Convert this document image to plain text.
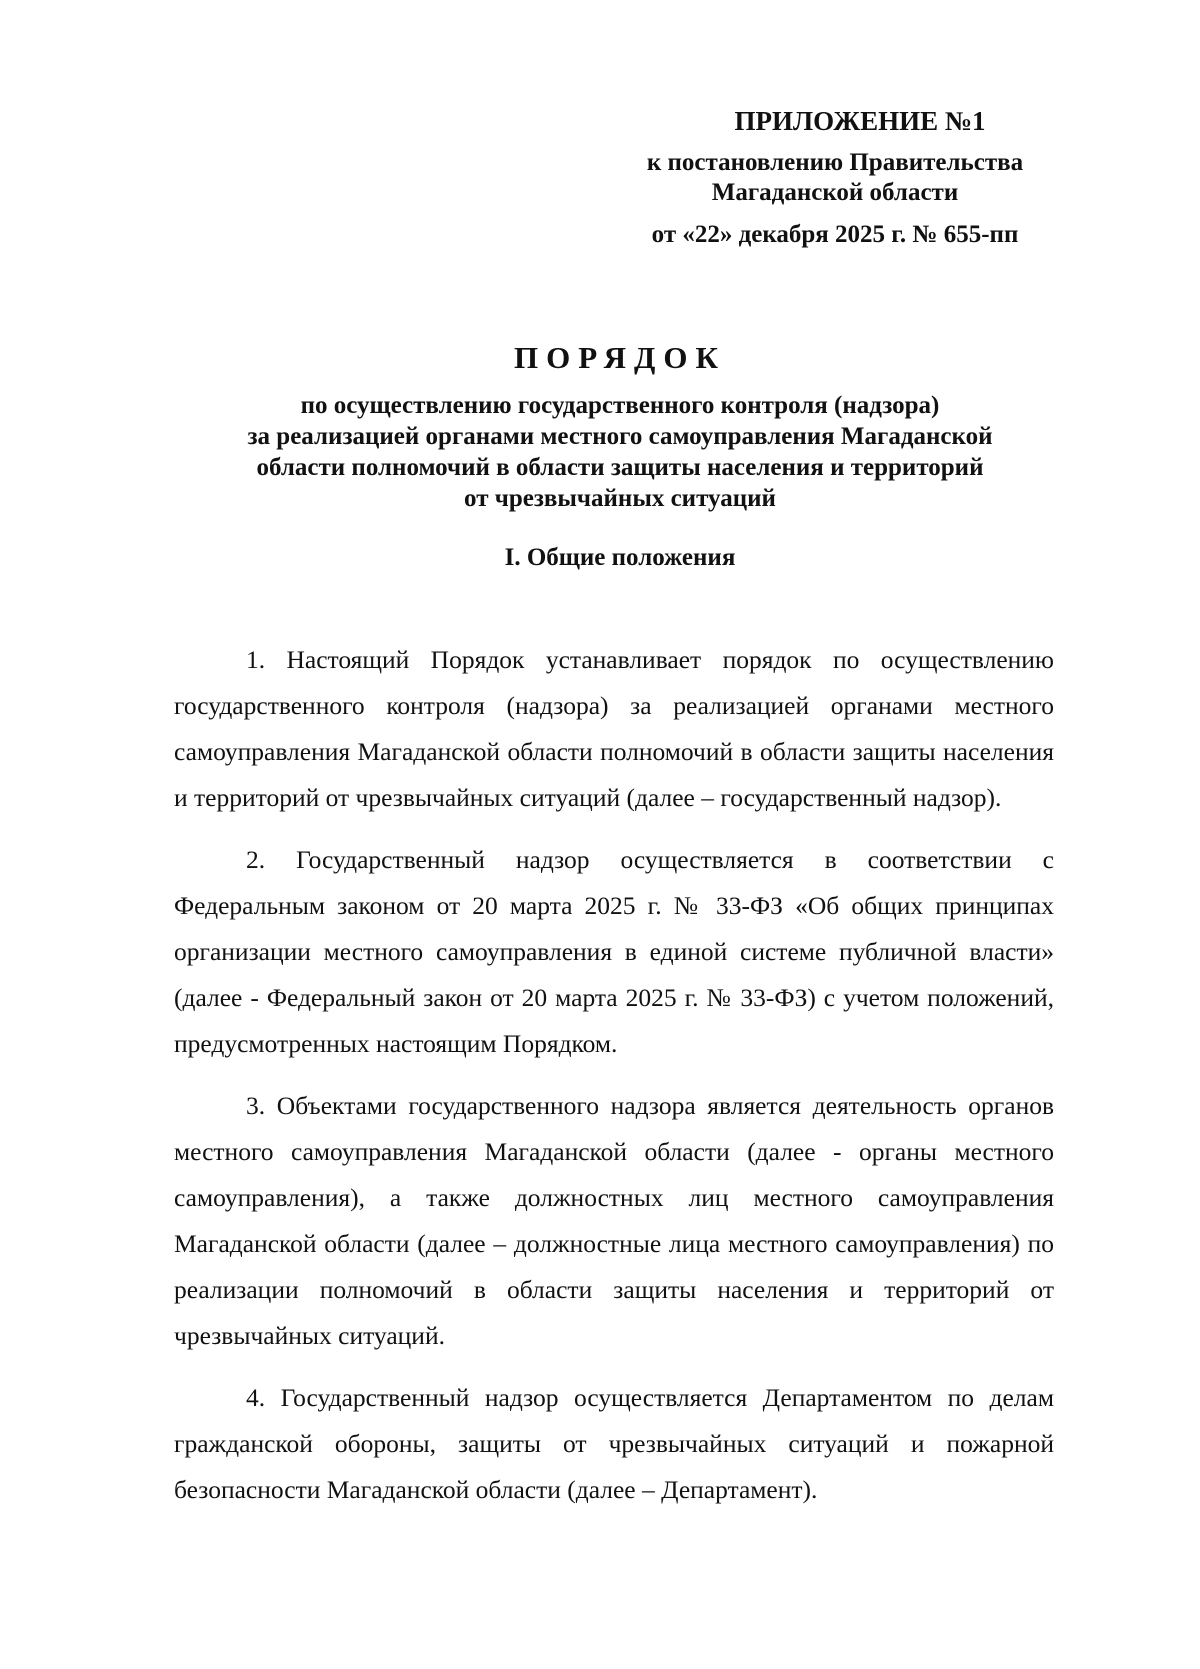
ПРИЛОЖЕНИЕ №1
к постановлению Правительства
Магаданской области
от «22» декабря 2025 г. № 655-пп
ПОРЯДОК
по осуществлению государственного контроля (надзора)
за реализацией органами местного самоуправления Магаданской
области полномочий в области защиты населения и территорий
от чрезвычайных ситуаций
I. Общие положения

1. Настоящий Порядок устанавливает порядок по осуществлению государственного контроля (надзора) за реализацией органами местного самоуправления Магаданской области полномочий в области защиты населения и территорий от чрезвычайных ситуаций (далее – государственный надзор).

2. Государственный надзор осуществляется в соответствии с Федеральным законом от 20 марта 2025 г. № 33-ФЗ «Об общих принципах организации местного самоуправления в единой системе публичной власти» (далее - Федеральный закон от 20 марта 2025 г. № 33-ФЗ) с учетом положений, предусмотренных настоящим Порядком.

3. Объектами государственного надзора является деятельность органов местного самоуправления Магаданской области (далее - органы местного самоуправления), а также должностных лиц местного самоуправления Магаданской области (далее – должностные лица местного самоуправления) по реализации полномочий в области защиты населения и территорий от чрезвычайных ситуаций.

4. Государственный надзор осуществляется Департаментом по делам гражданской обороны, защиты от чрезвычайных ситуаций и пожарной безопасности Магаданской области (далее – Департамент).
